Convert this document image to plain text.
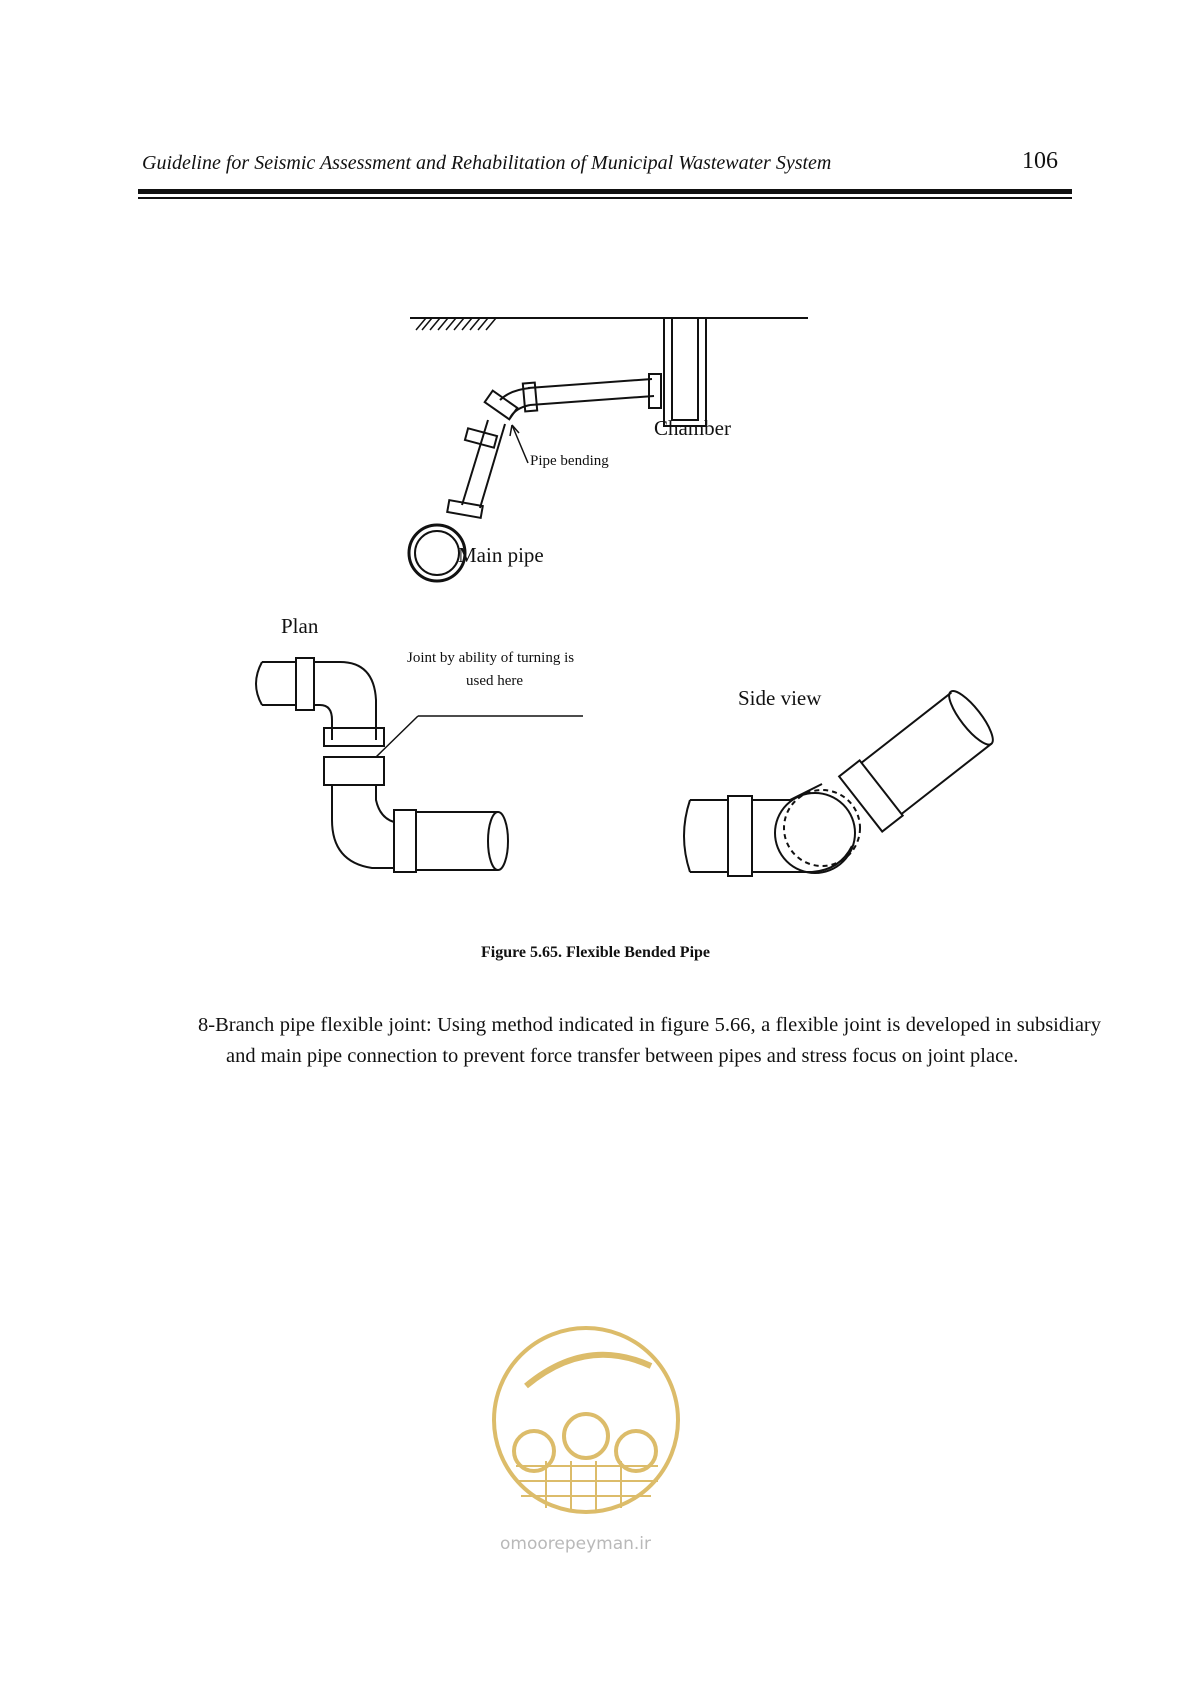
Guideline for Seismic Assessment and Rehabilitation of Municipal Wastewater System	106
Chamber
Pipe bending
Main pipe
Plan
Joint by ability of turning is
used here
Side view
Figure 5.65. Flexible Bended Pipe
8-Branch pipe flexible joint: Using method indicated in figure 5.66, a flexible joint is developed in subsidiary and main pipe connection to prevent force transfer between pipes and stress focus on joint place.
omoorepeyman.ir
